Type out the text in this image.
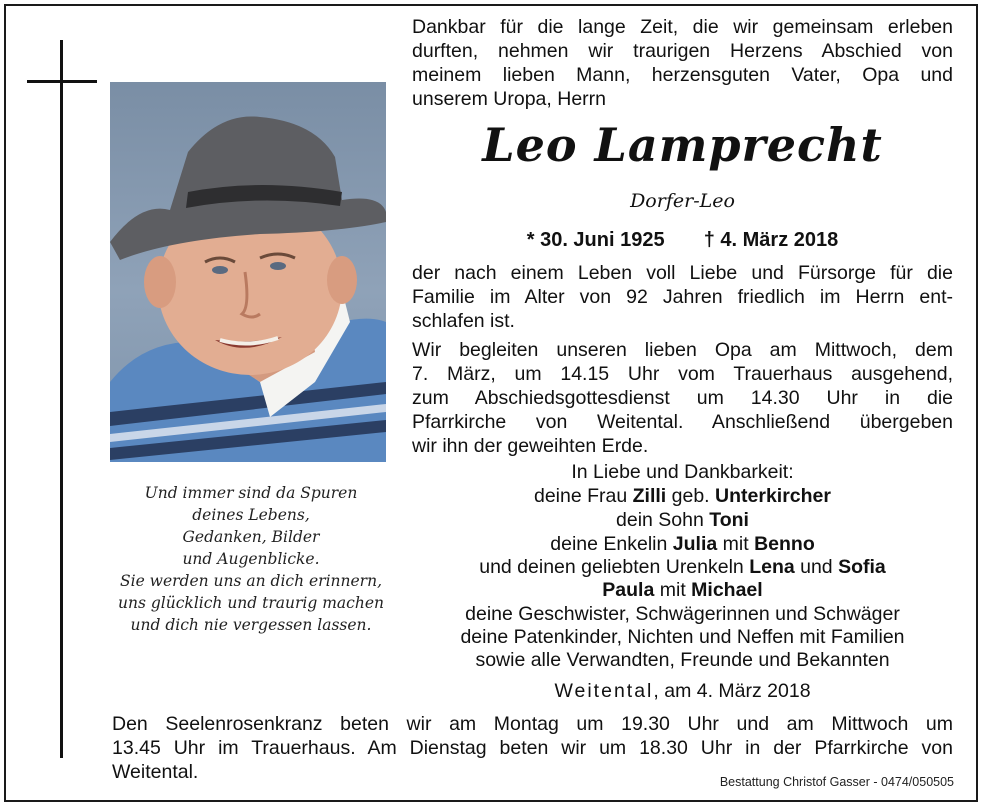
Und immer sind da Spuren
deines Lebens,
Gedanken, Bilder
und Augenblicke.
Sie werden uns an dich erinnern,
uns glücklich und traurig machen
und dich nie vergessen lassen.
Dankbar für die lange Zeit, die wir gemeinsam erleben
durften, nehmen wir traurigen Herzens Abschied von
meinem lieben Mann, herzensguten Vater, Opa und
unserem Uropa, Herrn
Leo Lamprecht
Dorfer-Leo
* 30. Juni 1925 † 4. März 2018
der nach einem Leben voll Liebe und Fürsorge für die
Familie im Alter von 92 Jahren friedlich im Herrn ent-
schlafen ist.
Wir begleiten unseren lieben Opa am Mittwoch, dem
7. März, um 14.15 Uhr vom Trauerhaus ausgehend,
zum Abschiedsgottesdienst um 14.30 Uhr in die
Pfarrkirche von Weitental. Anschließend übergeben
wir ihn der geweihten Erde.
In Liebe und Dankbarkeit:
deine Frau Zilli geb. Unterkircher
dein Sohn Toni
deine Enkelin Julia mit Benno
und deinen geliebten Urenkeln Lena und Sofia
Paula mit Michael
deine Geschwister, Schwägerinnen und Schwäger
deine Patenkinder, Nichten und Neffen mit Familien
sowie alle Verwandten, Freunde und Bekannten
Weitental, am 4. März 2018
Den Seelenrosenkranz beten wir am Montag um 19.30 Uhr und am Mittwoch um
13.45 Uhr im Trauerhaus. Am Dienstag beten wir um 18.30 Uhr in der Pfarrkirche von
Weitental.	Bestattung Christof Gasser - 0474/050505
